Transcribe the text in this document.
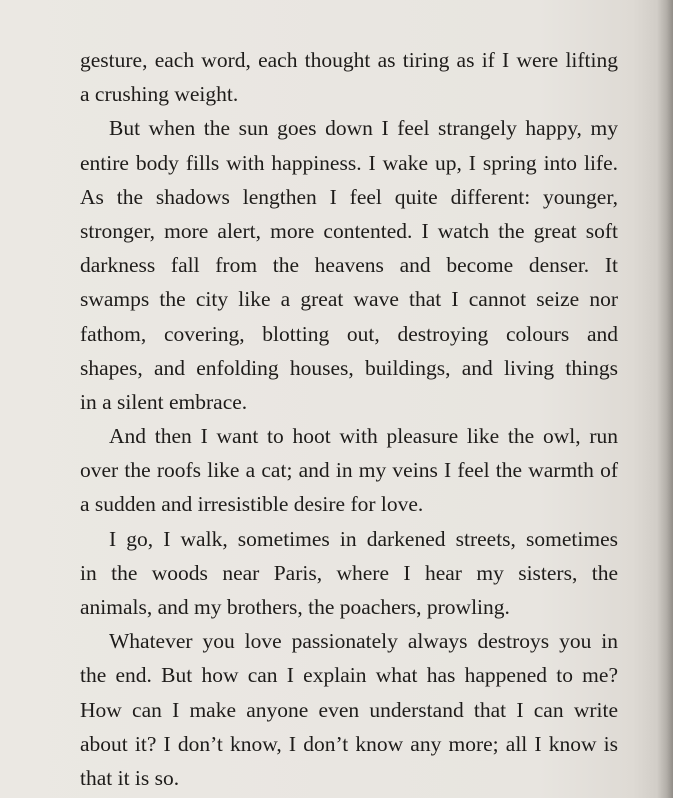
gesture, each word, each thought as tiring as if I were lifting
a crushing weight.
But when the sun goes down I feel strangely happy, my
entire body fills with happiness. I wake up, I spring into life.
As the shadows lengthen I feel quite different: younger,
stronger, more alert, more contented. I watch the great soft
darkness fall from the heavens and become denser. It
swamps the city like a great wave that I cannot seize nor
fathom, covering, blotting out, destroying colours and
shapes, and enfolding houses, buildings, and living things
in a silent embrace.
And then I want to hoot with pleasure like the owl, run
over the roofs like a cat; and in my veins I feel the warmth of
a sudden and irresistible desire for love.
I go, I walk, sometimes in darkened streets, sometimes
in the woods near Paris, where I hear my sisters, the
animals, and my brothers, the poachers, prowling.
Whatever you love passionately always destroys you in
the end. But how can I explain what has happened to me?
How can I make anyone even understand that I can write
about it? I don’t know, I don’t know any more; all I know is
that it is so.
